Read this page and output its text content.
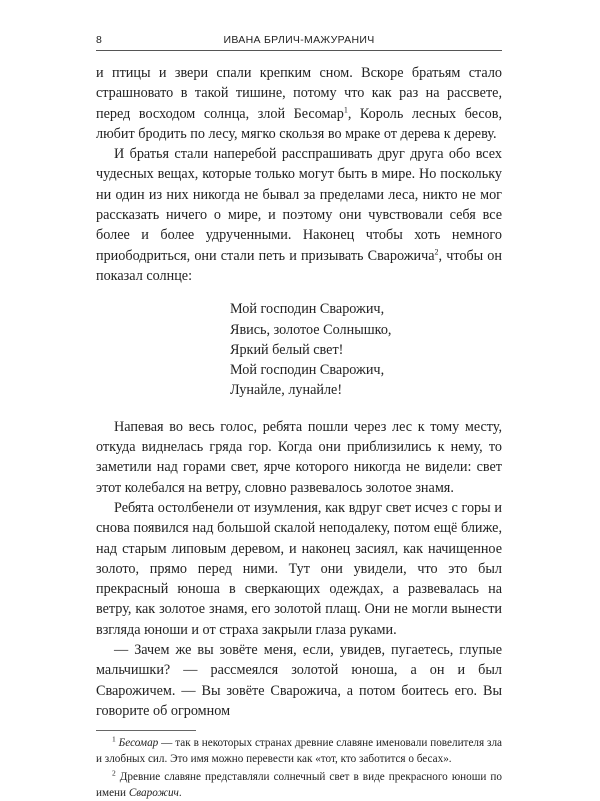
8	ИВАНА БРЛИЧ-МАЖУРАНИЧ

и птицы и звери спали крепким сном. Вскоре братьям стало страшновато в такой тишине, потому что как раз на рассвете, перед восходом солнца, злой Бесомар$^1$, Король лесных бесов, любит бродить по лесу, мягко скользя во мраке от дерева к дереву.

И братья стали наперебой расспрашивать друг друга обо всех чудесных вещах, которые только могут быть в мире. Но поскольку ни один из них никогда не бывал за пределами леса, никто не мог рассказать ничего о мире, и поэтому они чувствовали себя все более и более удрученными. Наконец чтобы хоть немного приободриться, они стали петь и призывать Сварожича$^2$, чтобы он показал солнце:

Мой господин Сварожич,
Явись, золотое Солнышко,
Яркий белый свет!
Мой господин Сварожич,
Лунайле, лунайле!

Напевая во весь голос, ребята пошли через лес к тому месту, откуда виднелась гряда гор. Когда они приблизились к нему, то заметили над горами свет, ярче которого никогда не видели: свет этот колебался на ветру, словно развевалось золотое знамя.

Ребята остолбенели от изумления, как вдруг свет исчез с горы и снова появился над большой скалой неподалеку, потом ещё ближе, над старым липовым деревом, и наконец засиял, как начищенное золото, прямо перед ними. Тут они увидели, что это был прекрасный юноша в сверкающих одеждах, а развевалась на ветру, как золотое знамя, его золотой плащ. Они не могли вынести взгляда юноши и от страха закрыли глаза руками.

— Зачем же вы зовёте меня, если, увидев, пугаетесь, глупые мальчишки? — рассмеялся золотой юноша, а он и был Сварожичем. — Вы зовёте Сварожича, а потом боитесь его. Вы говорите об огромном

$^1$ Бесомар — так в некоторых странах древние славяне именовали повелителя зла и злобных сил. Это имя можно перевести как «тот, кто заботится о бесах».

$^2$ Древние славяне представляли солнечный свет в виде прекрасного юноши по имени Сварожич.
